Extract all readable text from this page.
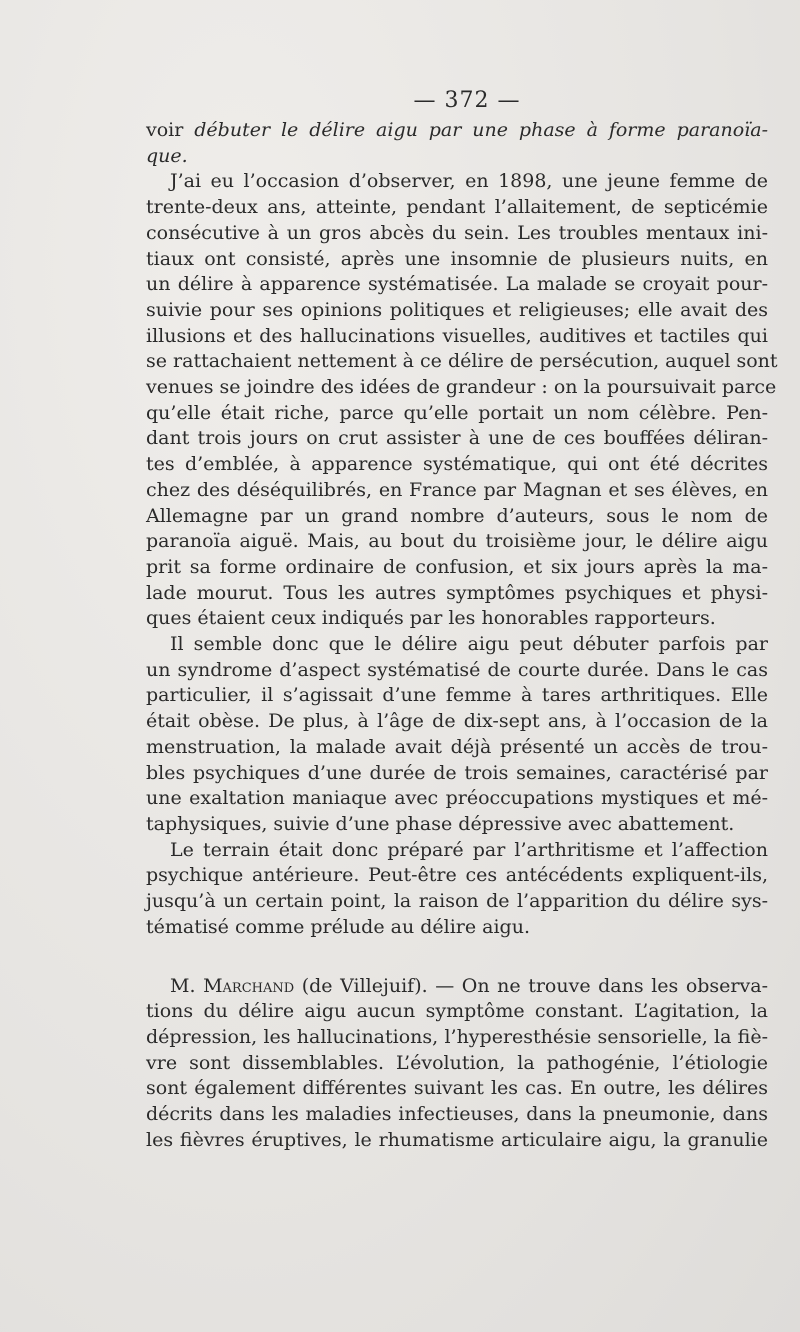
— 372 —
voir débuter le délire aigu par une phase à forme paranoïa-
que.
J’ai eu l’occasion d’observer, en 1898, une jeune femme de
trente-deux ans, atteinte, pendant l’allaitement, de septicémie
consécutive à un gros abcès du sein. Les troubles mentaux ini-
tiaux ont consisté, après une insomnie de plusieurs nuits, en
un délire à apparence systématisée. La malade se croyait pour-
suivie pour ses opinions politiques et religieuses; elle avait des
illusions et des hallucinations visuelles, auditives et tactiles qui
se rattachaient nettement à ce délire de persécution, auquel sont
venues se joindre des idées de grandeur : on la poursuivait parce
qu’elle était riche, parce qu’elle portait un nom célèbre. Pen-
dant trois jours on crut assister à une de ces bouffées déliran-
tes d’emblée, à apparence systématique, qui ont été décrites
chez des déséquilibrés, en France par Magnan et ses élèves, en
Allemagne par un grand nombre d’auteurs, sous le nom de
paranoïa aiguë. Mais, au bout du troisième jour, le délire aigu
prit sa forme ordinaire de confusion, et six jours après la ma-
lade mourut. Tous les autres symptômes psychiques et physi-
ques étaient ceux indiqués par les honorables rapporteurs.
Il semble donc que le délire aigu peut débuter parfois par
un syndrome d’aspect systématisé de courte durée. Dans le cas
particulier, il s’agissait d’une femme à tares arthritiques. Elle
était obèse. De plus, à l’âge de dix-sept ans, à l’occasion de la
menstruation, la malade avait déjà présenté un accès de trou-
bles psychiques d’une durée de trois semaines, caractérisé par
une exaltation maniaque avec préoccupations mystiques et mé-
taphysiques, suivie d’une phase dépressive avec abattement.
Le terrain était donc préparé par l’arthritisme et l’affection
psychique antérieure. Peut-être ces antécédents expliquent-ils,
jusqu’à un certain point, la raison de l’apparition du délire sys-
tématisé comme prélude au délire aigu.
M. Marchand (de Villejuif). — On ne trouve dans les observa-
tions du délire aigu aucun symptôme constant. L’agitation, la
dépression, les hallucinations, l’hyperesthésie sensorielle, la fiè-
vre sont dissemblables. L’évolution, la pathogénie, l’étiologie
sont également différentes suivant les cas. En outre, les délires
décrits dans les maladies infectieuses, dans la pneumonie, dans
les fièvres éruptives, le rhumatisme articulaire aigu, la granulie
